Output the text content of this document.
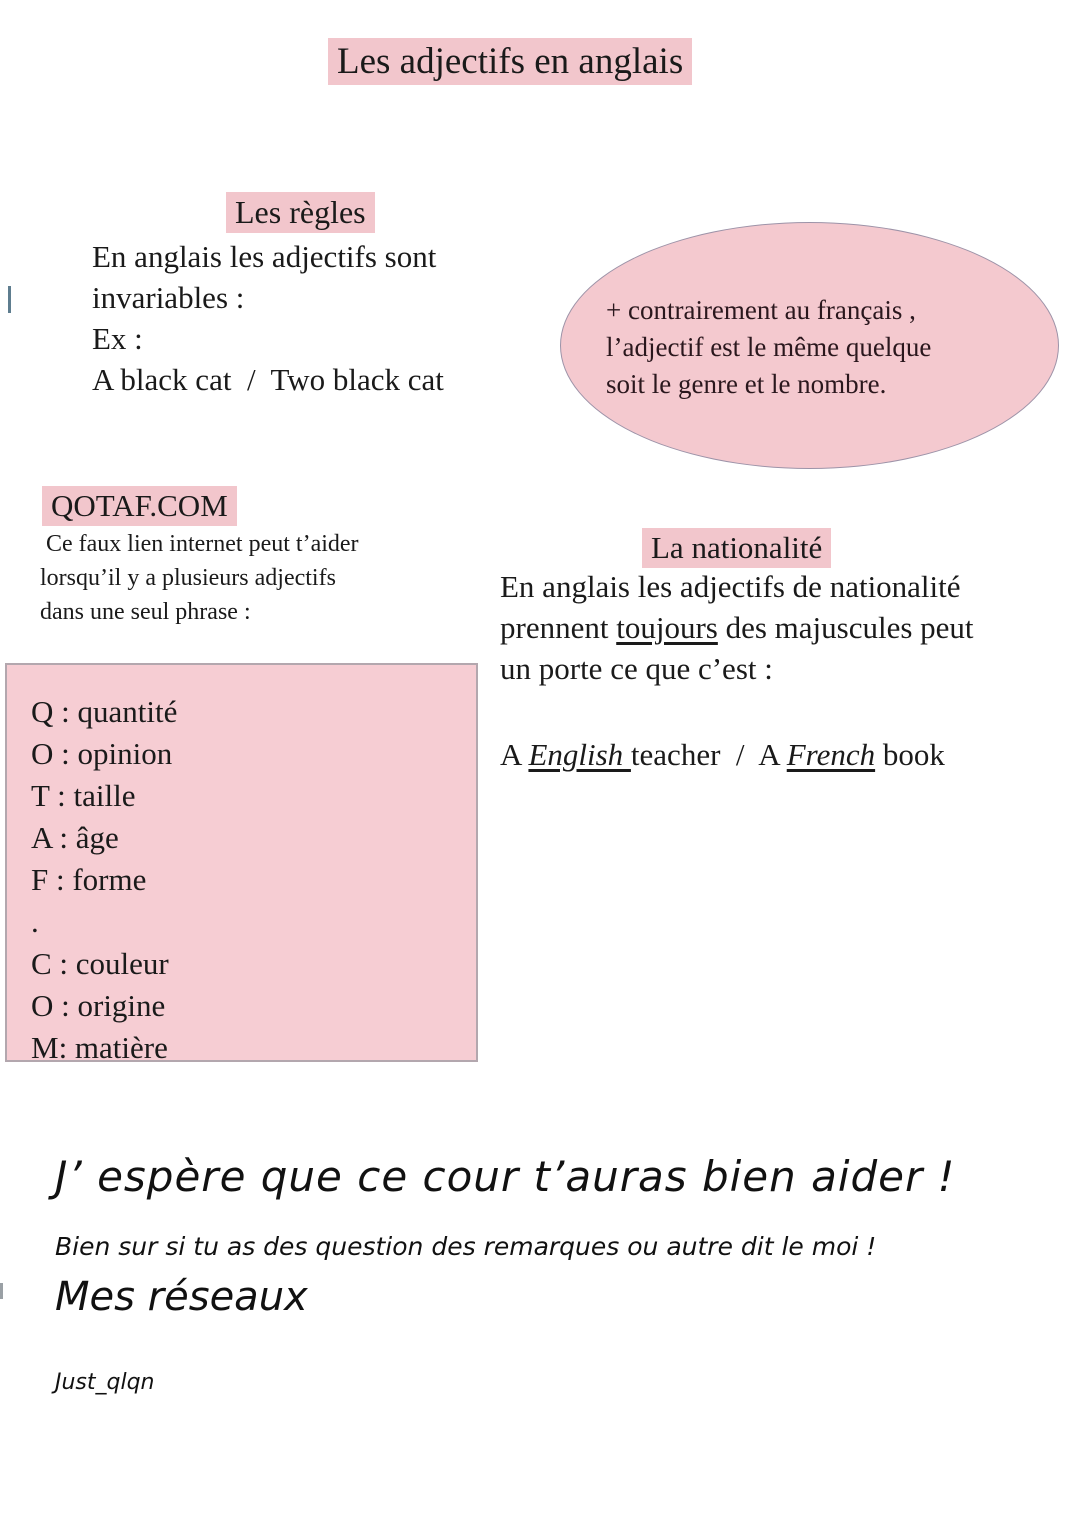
Les adjectifs en anglais
Les règles
En anglais les adjectifs sont
invariables :
Ex :
A black cat  /  Two black cat
+ contrairement au français ,
l’adjectif est le même quelque
soit le genre et le nombre.
QOTAF.COM
Ce faux lien internet peut t’aider
lorsqu’il y a plusieurs adjectifs
dans une seul phrase :
La nationalité
En anglais les adjectifs de nationalité
prennent toujours des majuscules peut
un porte ce que c’est :
A English teacher  /  A French book
Q : quantité
O : opinion
T : taille
A : âge
F : forme
.
C : couleur
O : origine
M: matière
J’ espère que ce cour t’auras bien aider !
Bien sur si tu as des question des remarques ou autre dit le moi !
Mes réseaux
Just_qlqn
